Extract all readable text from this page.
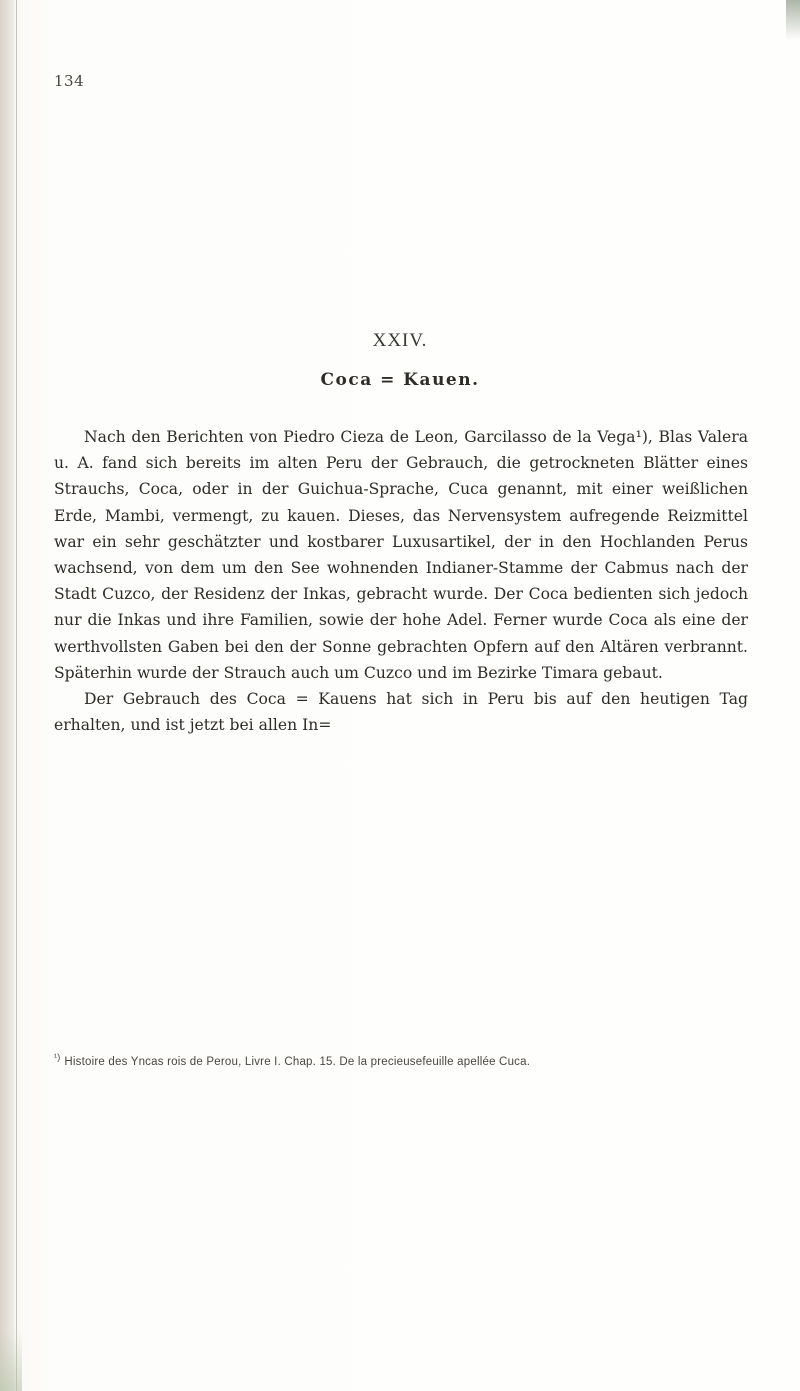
134
XXIV.
Coca = Kauen.

Nach den Berichten von Piedro Cieza de Leon, Garcilasso de la Vega¹), Blas Valera u. A. fand sich bereits im alten Peru der Gebrauch, die getrockneten Blätter eines Strauchs, Coca, oder in der Guichua-Sprache, Cuca genannt, mit einer weißlichen Erde, Mambi, vermengt, zu kauen. Dieses, das Nervensystem aufregende Reizmittel war ein sehr geschätzter und kostbarer Luxusartikel, der in den Hochlanden Perus wachsend, von dem um den See wohnenden Indianer-Stamme der Cabmus nach der Stadt Cuzco, der Residenz der Inkas, gebracht wurde. Der Coca bedienten sich jedoch nur die Inkas und ihre Familien, sowie der hohe Adel. Ferner wurde Coca als eine der werthvollsten Gaben bei den der Sonne gebrachten Opfern auf den Altären verbrannt. Späterhin wurde der Strauch auch um Cuzco und im Bezirke Timara gebaut.

Der Gebrauch des Coca = Kauens hat sich in Peru bis auf den heutigen Tag erhalten, und ist jetzt bei allen In=

$^{^1)}$ Histoire des Yncas rois de Perou, Livre I. Chap. 15. De la precieusefeuille apellée Cuca.
